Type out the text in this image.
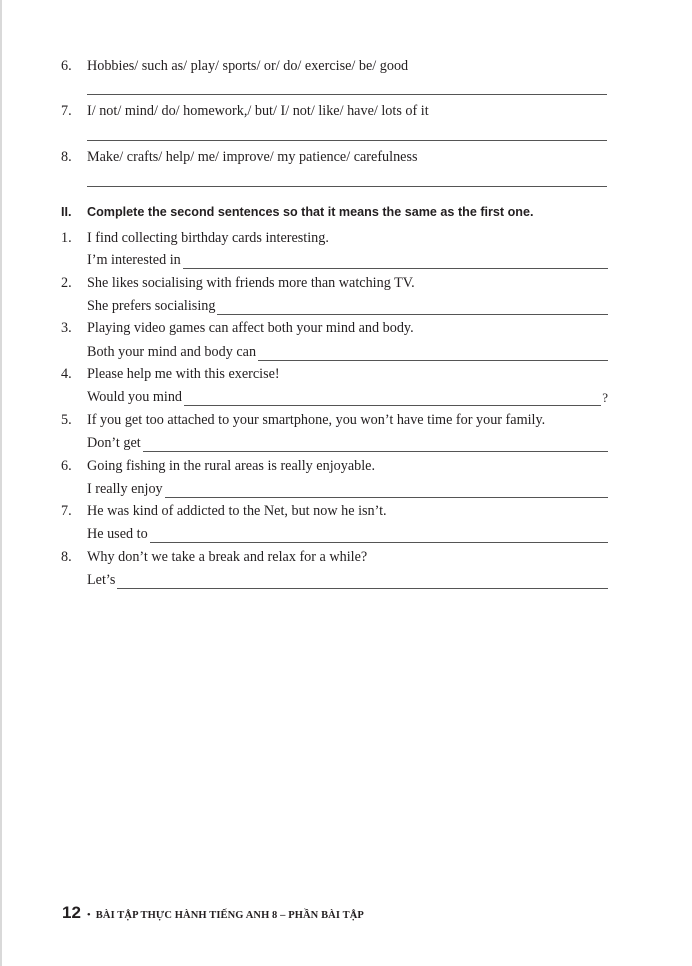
6.	Hobbies/ such as/ play/ sports/ or/ do/ exercise/ be/ good
7.	I/ not/ mind/ do/ homework,/ but/ I/ not/ like/ have/ lots of it
8.	Make/ crafts/ help/ me/ improve/ my patience/ carefulness
II. Complete the second sentences so that it means the same as the first one.
1.	I find collecting birthday cards interesting.
I’m interested in
2.	She likes socialising with friends more than watching TV.
She prefers socialising
3.	Playing video games can affect both your mind and body.
Both your mind and body can
4.	Please help me with this exercise!
Would you mind	?
5.	If you get too attached to your smartphone, you won’t have time for your family.
Don’t get
6.	Going fishing in the rural areas is really enjoyable.
I really enjoy
7.	He was kind of addicted to the Net, but now he isn’t.
He used to
8.	Why don’t we take a break and relax for a while?
Let’s
12 • BÀI TẬP THỰC HÀNH TIẾNG ANH 8 – PHẦN BÀI TẬP
